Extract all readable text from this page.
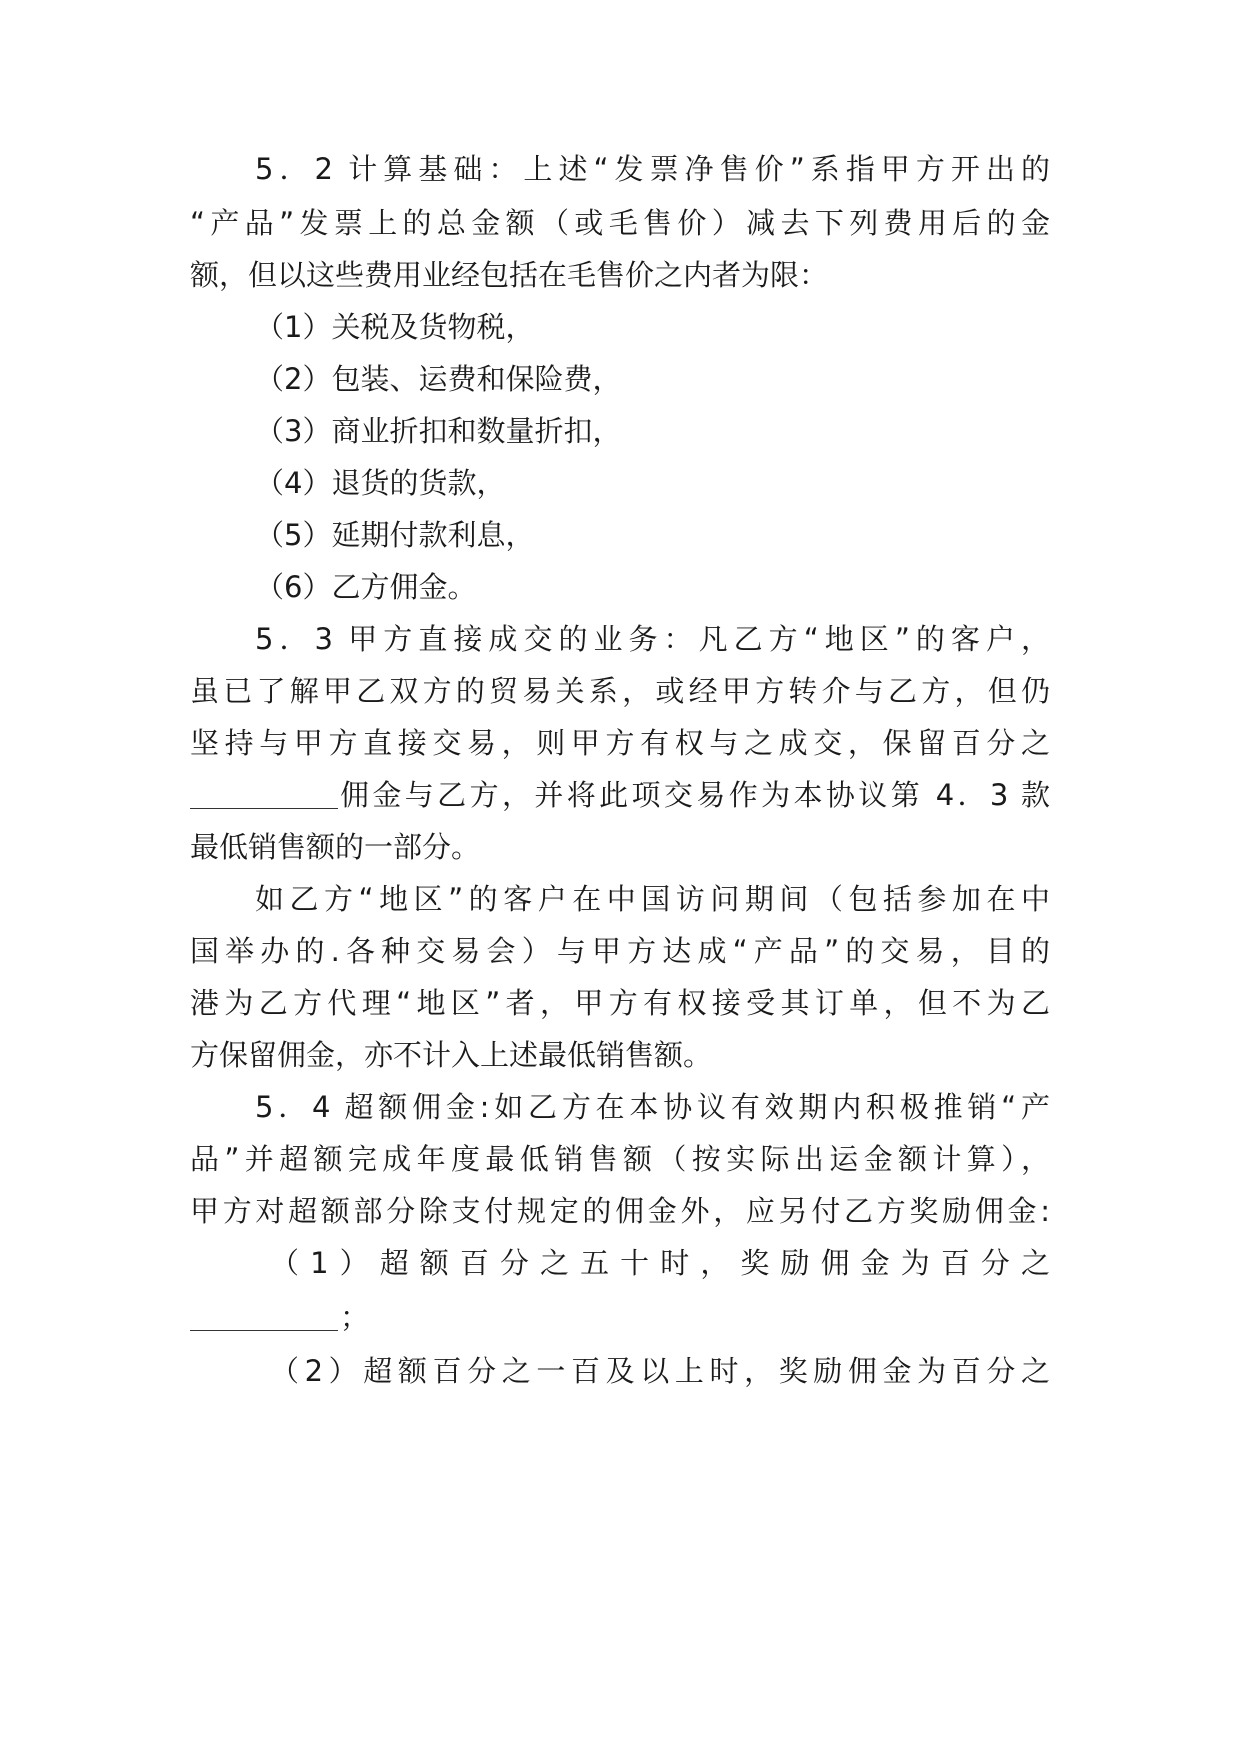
5．2 计算基础：上述“发票净售价”系指甲方开出的
“产品”发票上的总金额（或毛售价）减去下列费用后的金
额，但以这些费用业经包括在毛售价之内者为限：
（1）关税及货物税，
（2）包装、运费和保险费，
（3）商业折扣和数量折扣，
（4）退货的货款，
（5）延期付款利息，
（6）乙方佣金。
5．3 甲方直接成交的业务：凡乙方“地区”的客户，
虽已了解甲乙双方的贸易关系，或经甲方转介与乙方，但仍
坚持与甲方直接交易，则甲方有权与之成交，保留百分之
佣金与乙方，并将此项交易作为本协议第 4．3 款
最低销售额的一部分。
如乙方“地区”的客户在中国访问期间（包括参加在中
国举办的.各种交易会）与甲方达成“产品”的交易，目的
港为乙方代理“地区”者，甲方有权接受其订单，但不为乙
方保留佣金，亦不计入上述最低销售额。
5．4 超额佣金:如乙方在本协议有效期内积极推销“产
品”并超额完成年度最低销售额（按实际出运金额计算），
甲方对超额部分除支付规定的佣金外，应另付乙方奖励佣金:
（1）超额百分之五十时，奖励佣金为百分之
；
（2）超额百分之一百及以上时，奖励佣金为百分之
